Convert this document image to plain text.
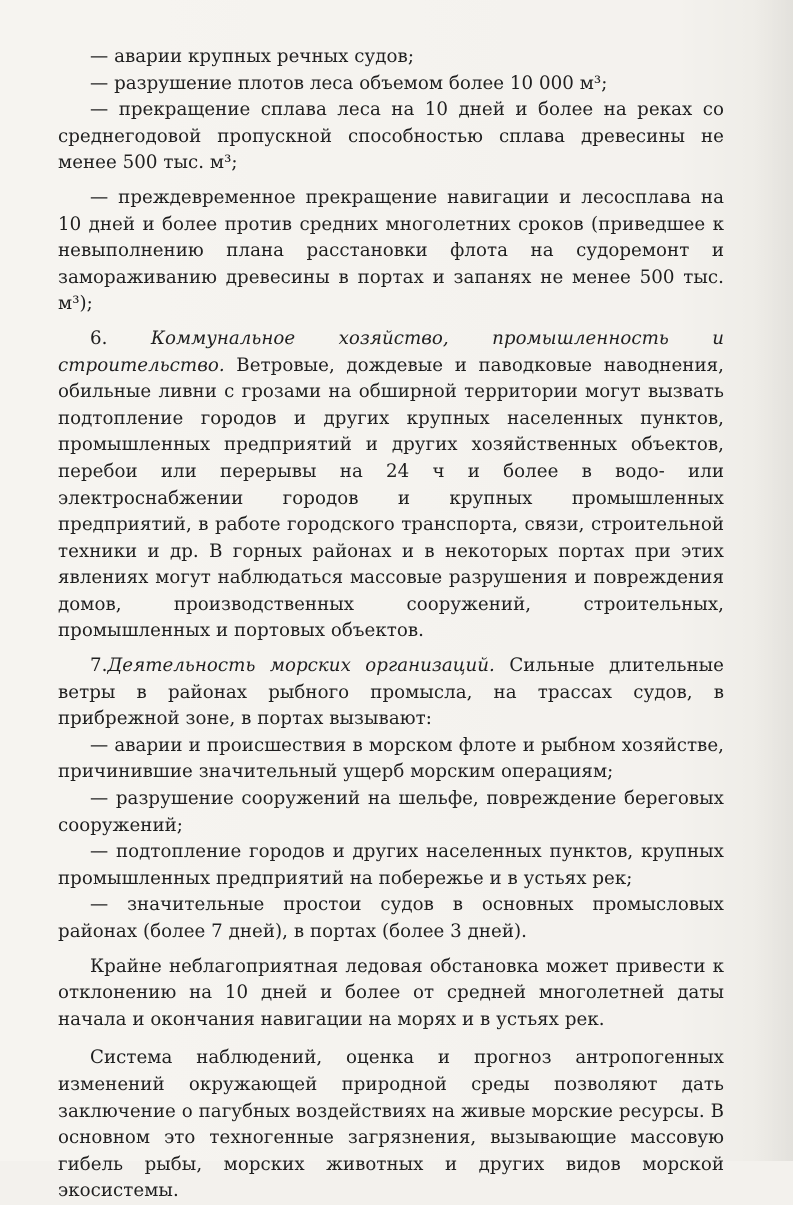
— аварии крупных речных судов;

— разрушение плотов леса объемом более 10 000 м³;

— прекращение сплава леса на 10 дней и более на реках со среднегодовой пропускной способностью сплава древесины не менее 500 тыс. м³;

— преждевременное прекращение навигации и лесосплава на 10 дней и более против средних многолетних сроков (приведшее к невыполнению плана расстановки флота на судоремонт и замораживанию древесины в портах и запанях не менее 500 тыс. м³);

6. Коммунальное хозяйство, промышленность и строительство. Ветровые, дождевые и паводковые наводнения, обильные ливни с грозами на обширной территории могут вызвать подтопление городов и других крупных населенных пунктов, промышленных предприятий и других хозяйственных объектов, перебои или перерывы на 24 ч и более в водо- или электроснабжении городов и крупных промышленных предприятий, в работе городского транспорта, связи, строительной техники и др. В горных районах и в некоторых портах при этих явлениях могут наблюдаться массовые разрушения и повреждения домов, производственных сооружений, строительных, промышленных и портовых объектов.

7.Деятельность морских организаций. Сильные длительные ветры в районах рыбного промысла, на трассах судов, в прибрежной зоне, в портах вызывают:

— аварии и происшествия в морском флоте и рыбном хозяйстве, причинившие значительный ущерб морским операциям;

— разрушение сооружений на шельфе, повреждение береговых сооружений;

— подтопление городов и других населенных пунктов, крупных промышленных предприятий на побережье и в устьях рек;

— значительные простои судов в основных промысловых районах (более 7 дней), в портах (более 3 дней).

Крайне неблагоприятная ледовая обстановка может привести к отклонению на 10 дней и более от средней многолетней даты начала и окончания навигации на морях и в устьях рек.

Система наблюдений, оценка и прогноз антропогенных изменений окружающей природной среды позволяют дать заключение о пагубных воздействиях на живые морские ресурсы. В основном это техногенные загрязнения, вызывающие массовую гибель рыбы, морских животных и других видов морской экосистемы.
